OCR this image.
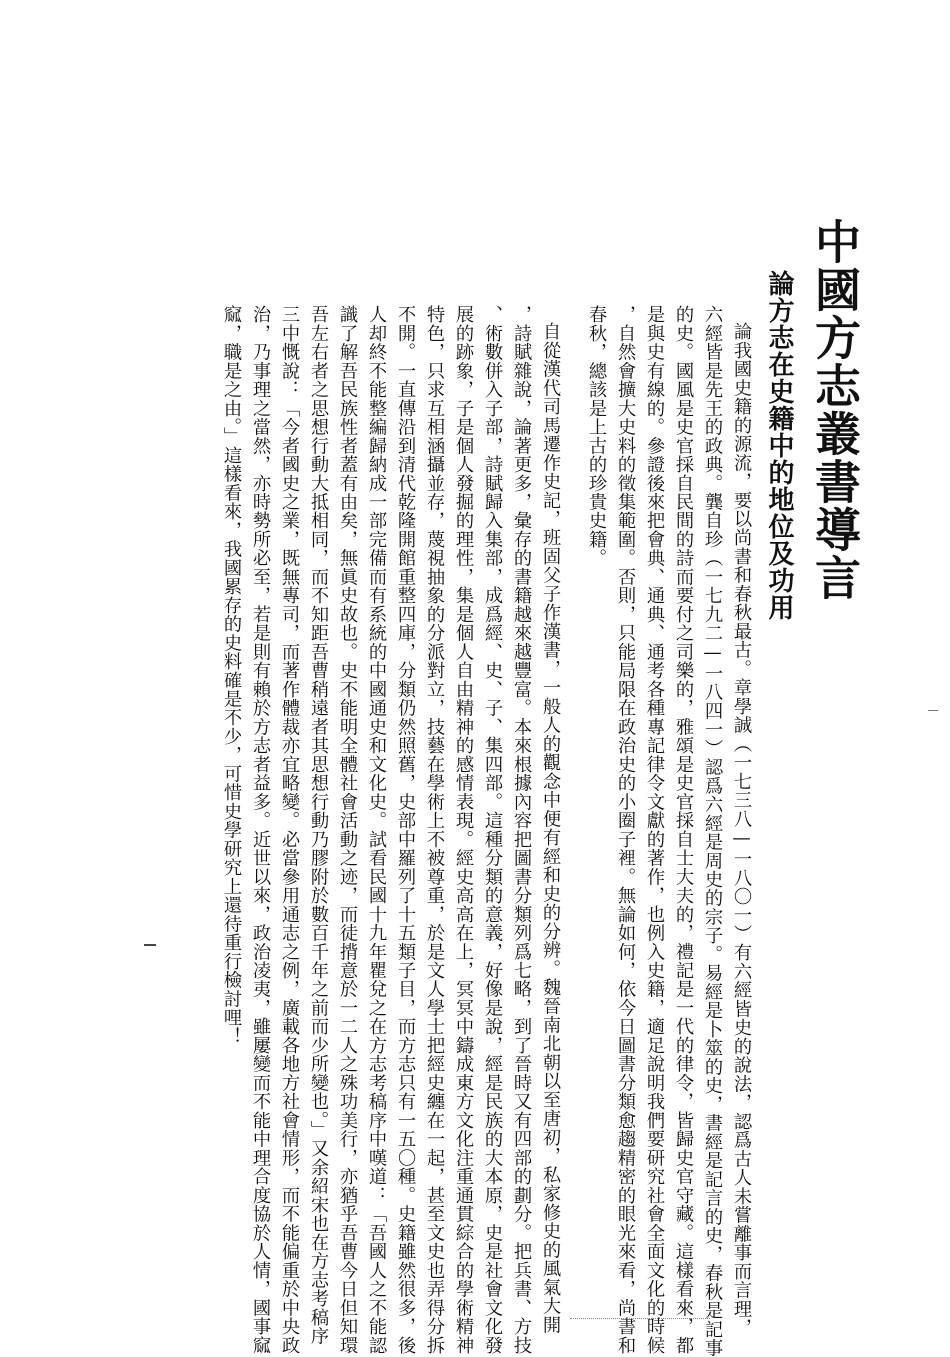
中國方志叢書導言
論方志在史籍中的地位及功用
論我國史籍的源流，要以尚書和春秋最古。章學誠（一七三八—一八〇一）有六經皆史的說法，認爲古人未嘗離事而言理，
六經皆是先王的政典。龔自珍（一七九二—一八四一）認爲六經是周史的宗子。易經是卜筮的史，書經是記言的史，春秋是記事
的史。國風是史官採自民間的詩而要付之司樂的，雅頌是史官採自士大夫的，禮記是一代的律令，皆歸史官守藏。這樣看來，都
是與史有線的。參證後來把會典、通典、通考各種專記律令文獻的著作，也例入史籍，適足說明我們要研究社會全面文化的時候
，自然會擴大史料的徵集範圍。否則，只能局限在政治史的小圈子裡。無論如何，依今日圖書分類愈趨精密的眼光來看，尚書和
春秋，總該是上古的珍貴史籍。
自從漢代司馬遷作史記，班固父子作漢書，一般人的觀念中便有經和史的分辨。魏晉南北朝以至唐初，私家修史的風氣大開
，詩賦雜說，論著更多，彙存的書籍越來越豐富。本來根據內容把圖書分類列爲七略，到了晉時又有四部的劃分。把兵書、方技
、術數併入子部，詩賦歸入集部，成爲經、史、子、集四部。這種分類的意義，好像是說，經是民族的大本原，史是社會文化發
展的跡象，子是個人發掘的理性，集是個人自由精神的感情表現。經史高高在上，冥冥中鑄成東方文化注重通貫綜合的學術精神
特色，只求互相涵攝並存，蔑視抽象的分派對立，技藝在學術上不被尊重，於是文人學士把經史纏在一起，甚至文史也弄得分拆
不開。一直傳沿到清代乾隆開館重整四庫，分類仍然照舊，史部中羅列了十五類子目，而方志只有一五〇種。史籍雖然很多，後
人却終不能整編歸納成一部完備而有系統的中國通史和文化史。試看民國十九年瞿兌之在方志考稿序中嘆道：「吾國人之不能認
識了解吾民族性者蓋有由矣，無眞史故也。史不能明全體社會活動之迹，而徒揹意於一二人之殊功美行，亦猶乎吾曹今日但知環
吾左右者之思想行動大抵相同，而不知距吾曹稍遠者其思想行動乃膠附於數百千年之前而少所變也。」又余紹宋也在方志考稿序
三中慨說：「今者國史之業，既無專司，而著作體裁亦宜略變。必當參用通志之例，廣載各地方社會情形，而不能偏重於中央政
治，乃事理之當然，亦時勢所必至，若是則有賴於方志者益多。近世以來，政治凌夷，雖屢變而不能中理合度協於人情，國事窳
窳，職是之由。」這樣看來，我國累存的史料確是不少，可惜史學研究上還待重行檢討哩！
